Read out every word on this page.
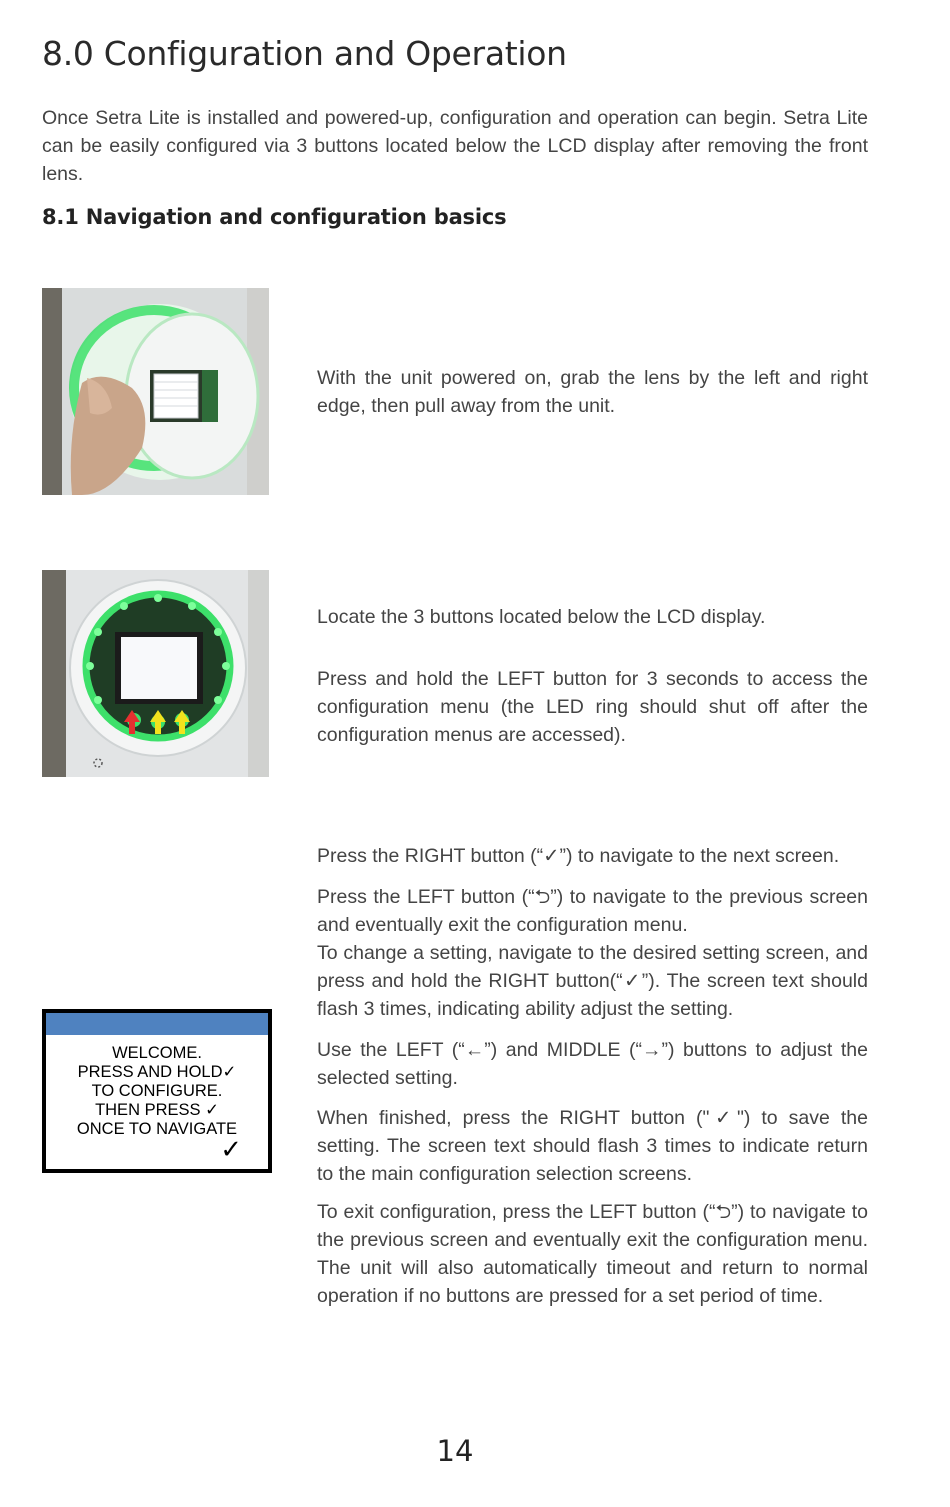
8.0 Configuration and Operation

Once Setra Lite is installed and powered-up, configuration and operation can begin. Setra Lite can be easily configured via 3 buttons located below the LCD display after removing the front lens.

8.1 Navigation and configuration basics

With the unit powered on, grab the lens by the left and right edge, then pull away from the unit.

Locate the 3 buttons located below the LCD display.

Press and hold the LEFT button for 3 seconds to access the configuration menu (the LED ring should shut off after the configuration menus are accessed).

WELCOME.
PRESS AND HOLD✓
TO CONFIGURE.
THEN PRESS ✓
ONCE TO NAVIGATE
✓

Press the RIGHT button (“✓”) to navigate to the next screen.

Press the LEFT button (“⮌”) to navigate to the previous screen and eventually exit the configuration menu.

To change a setting, navigate to the desired setting screen, and press and hold the RIGHT button(“✓”). The screen text should flash 3 times, indicating ability adjust the setting.

Use the LEFT (“←”) and MIDDLE (“→”) buttons to adjust the selected setting.

When finished, press the RIGHT button ("✓") to save the setting. The screen text should flash 3 times to indicate return to the main configuration selection screens.

To exit configuration, press the LEFT button (“⮌”) to navigate to the previous screen and eventually exit the configuration menu. The unit will also automatically timeout and return to normal operation if no buttons are pressed for a set period of time.

14
